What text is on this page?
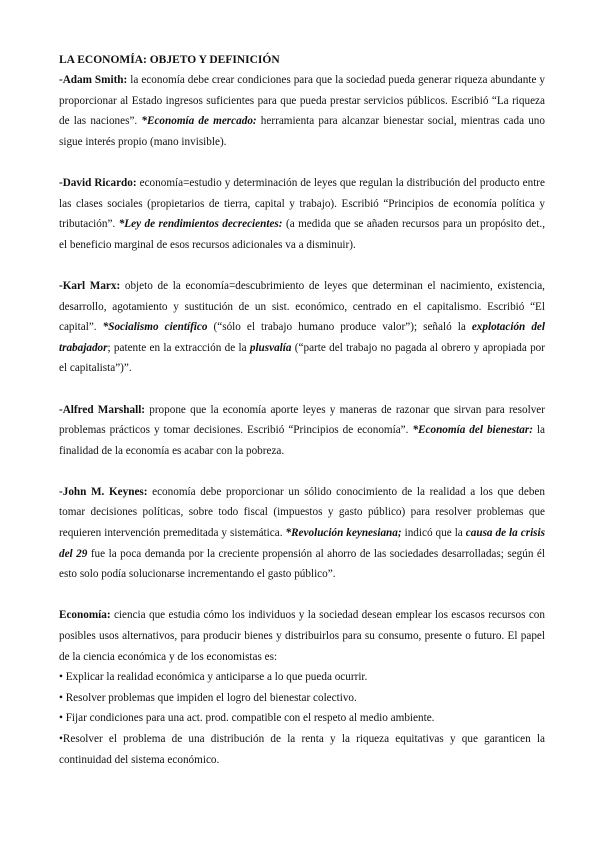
LA ECONOMÍA: OBJETO Y DEFINICIÓN

-Adam Smith: la economía debe crear condiciones para que la sociedad pueda generar riqueza abundante y proporcionar al Estado ingresos suficientes para que pueda prestar servicios públicos. Escribió “La riqueza de las naciones”. *Economía de mercado: herramienta para alcanzar bienestar social, mientras cada uno sigue interés propio (mano invisible).

-David Ricardo: economía=estudio y determinación de leyes que regulan la distribución del producto entre las clases sociales (propietarios de tierra, capital y trabajo). Escribió “Principios de economía política y tributación”. *Ley de rendimientos decrecientes: (a medida que se añaden recursos para un propósito det., el beneficio marginal de esos recursos adicionales va a disminuir).

-Karl Marx: objeto de la economía=descubrimiento de leyes que determinan el nacimiento, existencia, desarrollo, agotamiento y sustitución de un sist. económico, centrado en el capitalismo. Escribió “El capital”. *Socialismo científico (“sólo el trabajo humano produce valor”); señaló la explotación del trabajador; patente en la extracción de la plusvalía (“parte del trabajo no pagada al obrero y apropiada por el capitalista”)”.

-Alfred Marshall: propone que la economía aporte leyes y maneras de razonar que sirvan para resolver problemas prácticos y tomar decisiones. Escribió “Principios de economía”. *Economía del bienestar: la finalidad de la economía es acabar con la pobreza.

-John M. Keynes: economía debe proporcionar un sólido conocimiento de la realidad a los que deben tomar decisiones políticas, sobre todo fiscal (impuestos y gasto público) para resolver problemas que requieren intervención premeditada y sistemática. *Revolución keynesiana; indicó que la causa de la crisis del 29 fue la poca demanda por la creciente propensión al ahorro de las sociedades desarrolladas; según él esto solo podía solucionarse incrementando el gasto público”.

Economía: ciencia que estudia cómo los individuos y la sociedad desean emplear los escasos recursos con posibles usos alternativos, para producir bienes y distribuirlos para su consumo, presente o futuro. El papel de la ciencia económica y de los economistas es:

• Explicar la realidad económica y anticiparse a lo que pueda ocurrir.
• Resolver problemas que impiden el logro del bienestar colectivo.
• Fijar condiciones para una act. prod. compatible con el respeto al medio ambiente.
•Resolver el problema de una distribución de la renta y la riqueza equitativas y que garanticen la continuidad del sistema económico.
